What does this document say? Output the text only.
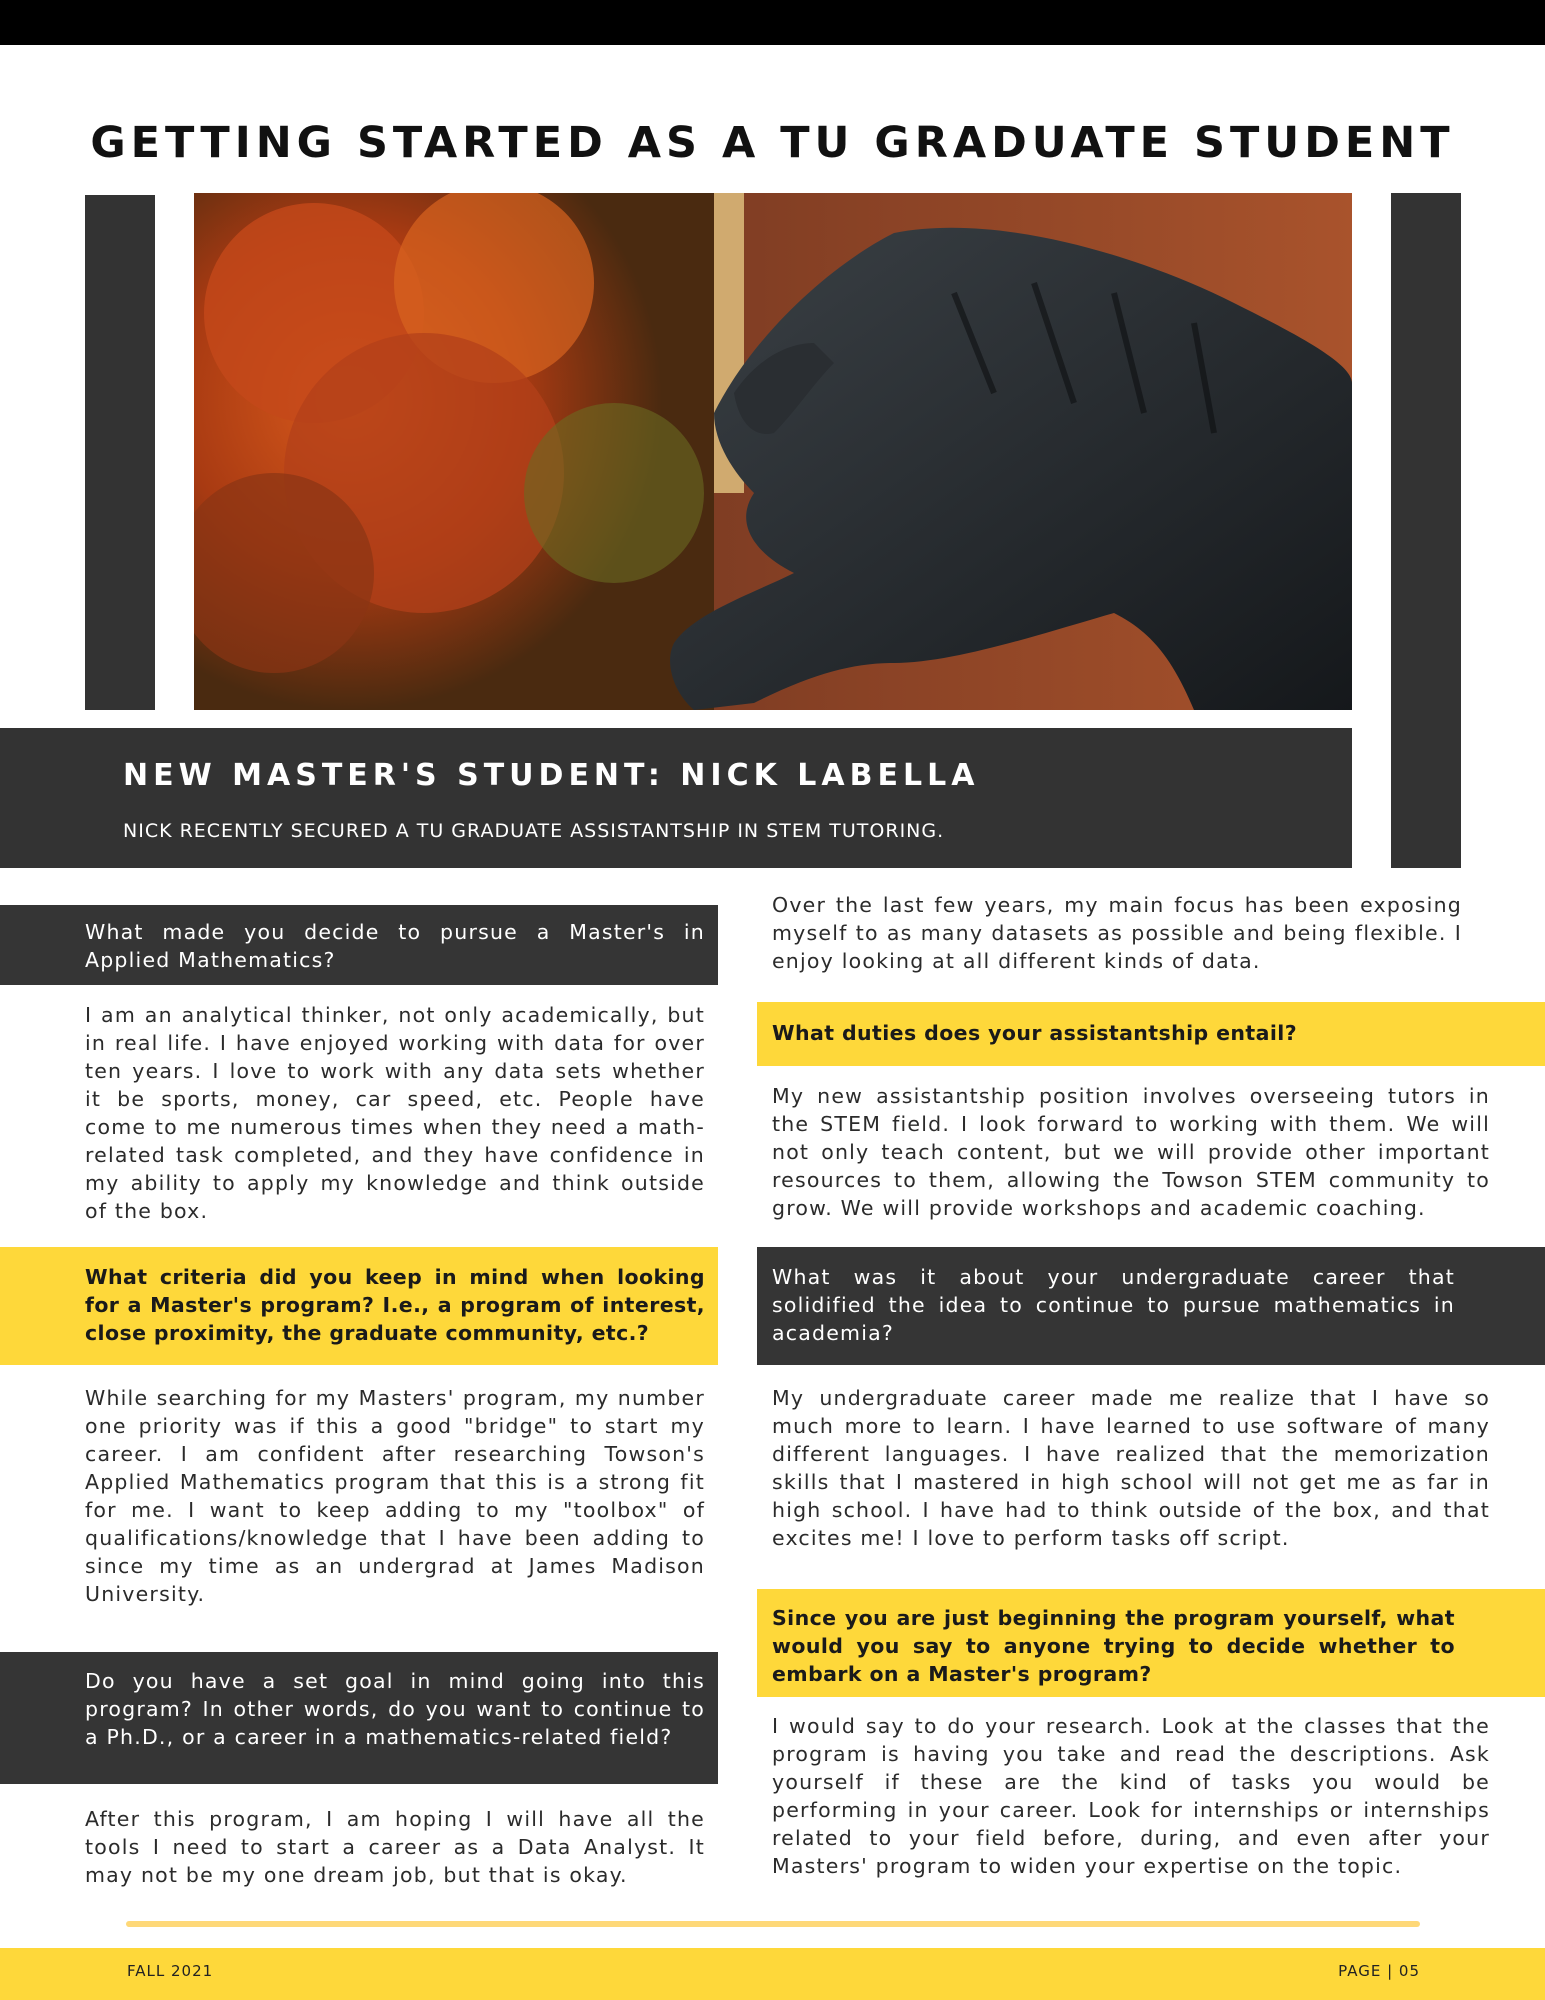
GETTING STARTED AS A TU GRADUATE STUDENT
NEW MASTER'S STUDENT: NICK LABELLA
NICK RECENTLY SECURED A TU GRADUATE ASSISTANTSHIP IN STEM TUTORING.
What made you decide to pursue a Master's in Applied Mathematics?
I am an analytical thinker, not only academically, but in real life. I have enjoyed working with data for over ten years. I love to work with any data sets whether it be sports, money, car speed, etc. People have come to me numerous times when they need a math-related task completed, and they have confidence in my ability to apply my knowledge and think outside of the box.
What criteria did you keep in mind when looking for a Master's program? I.e., a program of interest, close proximity, the graduate community, etc.?
While searching for my Masters' program, my number one priority was if this a good "bridge" to start my career. I am confident after researching Towson's Applied Mathematics program that this is a strong fit for me. I want to keep adding to my "toolbox" of qualifications/knowledge that I have been adding to since my time as an undergrad at James Madison University.
Do you have a set goal in mind going into this program? In other words, do you want to continue to a Ph.D., or a career in a mathematics-related field?
After this program, I am hoping I will have all the tools I need to start a career as a Data Analyst. It may not be my one dream job, but that is okay.
Over the last few years, my main focus has been exposing myself to as many datasets as possible and being flexible. I enjoy looking at all different kinds of data.
What duties does your assistantship entail?
My new assistantship position involves overseeing tutors in the STEM field. I look forward to working with them. We will not only teach content, but we will provide other important resources to them, allowing the Towson STEM community to grow. We will provide workshops and academic coaching.
What was it about your undergraduate career that solidified the idea to continue to pursue mathematics in academia?
My undergraduate career made me realize that I have so much more to learn. I have learned to use software of many different languages. I have realized that the memorization skills that I mastered in high school will not get me as far in high school. I have had to think outside of the box, and that excites me! I love to perform tasks off script.
Since you are just beginning the program yourself, what would you say to anyone trying to decide whether to embark on a Master's program?
I would say to do your research. Look at the classes that the program is having you take and read the descriptions. Ask yourself if these are the kind of tasks you would be performing in your career. Look for internships or internships related to your field before, during, and even after your Masters' program to widen your expertise on the topic.
FALL 2021	PAGE | 05
